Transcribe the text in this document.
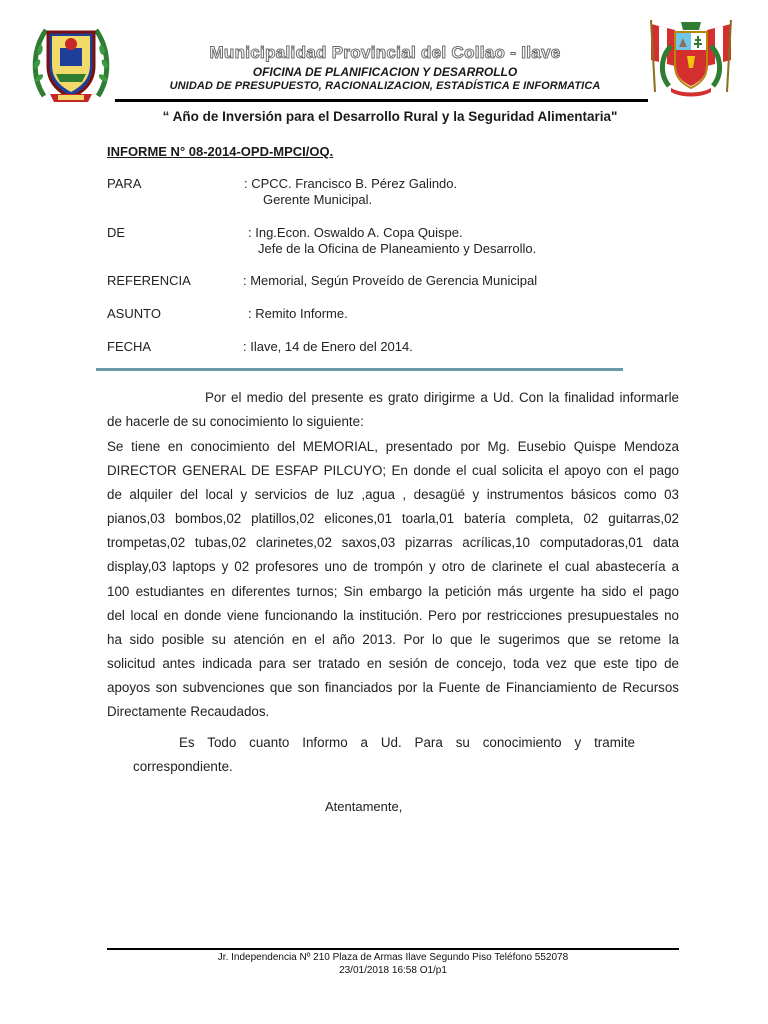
Municipalidad Provincial del Collao - Ilave
OFICINA DE PLANIFICACION Y DESARROLLO
UNIDAD DE PRESUPUESTO, RACIONALIZACION, ESTADÍSTICA E INFORMATICA
“ Año de Inversión para el Desarrollo Rural y la Seguridad Alimentaria"
INFORME N° 08-2014-OPD-MPCI/OQ.
PARA	: CPCC. Francisco B. Pérez Galindo.
Gerente Municipal.
DE	: Ing.Econ. Oswaldo A. Copa Quispe.
Jefe de la Oficina de Planeamiento y Desarrollo.
REFERENCIA	: Memorial, Según Proveído de Gerencia Municipal
ASUNTO	: Remito Informe.
FECHA	: Ilave, 14 de Enero del 2014.
Por el medio del presente es grato dirigirme a Ud. Con la finalidad informarle
de hacerle de su conocimiento lo siguiente:
Se tiene en conocimiento del MEMORIAL, presentado por Mg. Eusebio Quispe Mendoza
DIRECTOR GENERAL DE ESFAP PILCUYO; En donde el cual solicita el apoyo con el pago
de alquiler del local y servicios de luz ,agua , desagüé y instrumentos básicos como 03
pianos,03 bombos,02 platillos,02 elicones,01 toarla,01 batería completa, 02 guitarras,02
trompetas,02 tubas,02 clarinetes,02 saxos,03 pizarras acrílicas,10 computadoras,01 data
display,03 laptops y 02 profesores uno de trompón y otro de clarinete el cual abastecería a
100 estudiantes en diferentes turnos; Sin embargo la petición más urgente ha sido el pago
del local en donde viene funcionando la institución. Pero por restricciones presupuestales no
ha sido posible su atención en el año 2013. Por lo que le sugerimos que se retome la
solicitud antes indicada para ser tratado en sesión de concejo, toda vez que este tipo de
apoyos son subvenciones que son financiados por la Fuente de Financiamiento de Recursos
Directamente Recaudados.
Es Todo cuanto Informo a Ud. Para su conocimiento y tramite
correspondiente.
Atentamente,
Jr. Independencia Nº 210 Plaza de Armas Ilave Segundo Piso Teléfono 552078
23/01/2018 16:58 O1/p1
